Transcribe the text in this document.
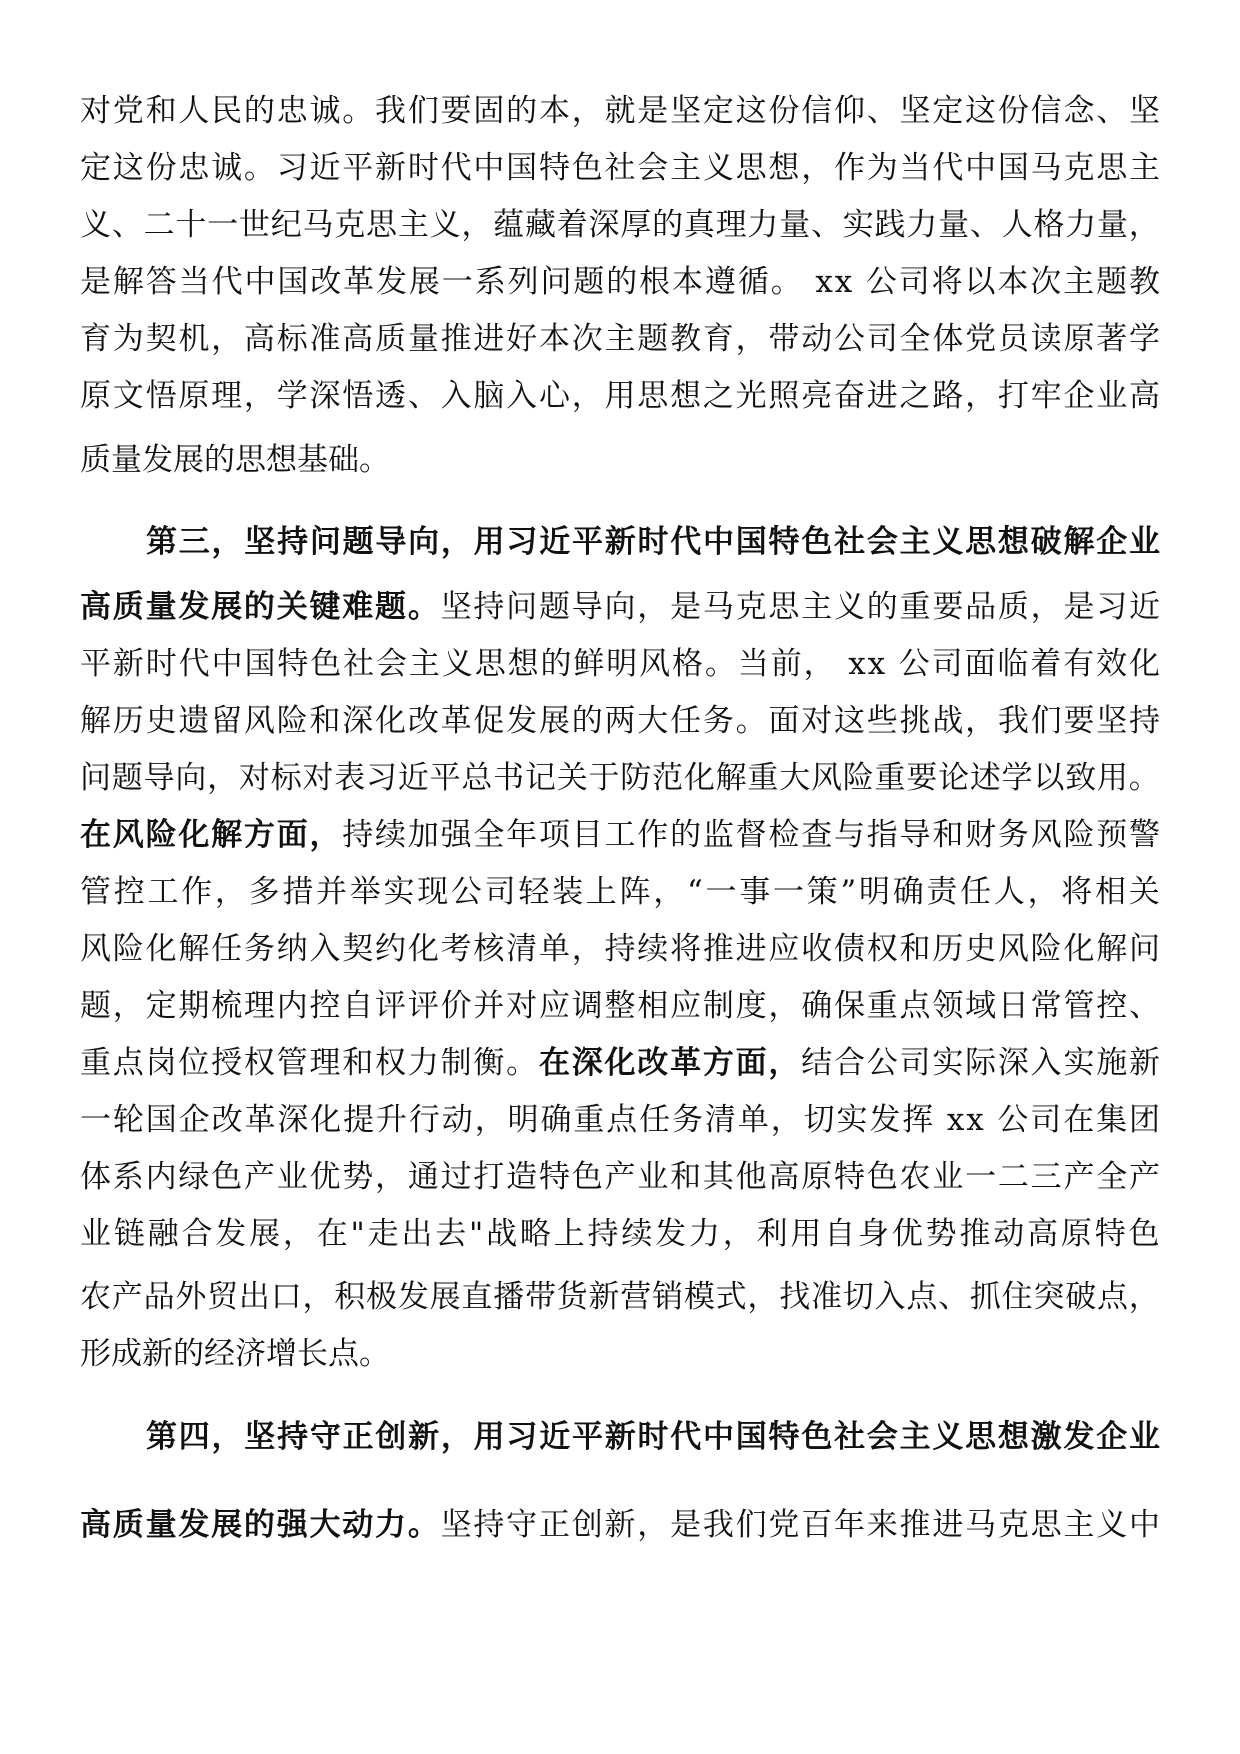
对 党 和 人 民 的 忠 诚 。 我 们 要 固 的 本 ， 就 是 坚 定 这 份 信 仰 、 坚 定 这 份 信 念 、 坚
定 这 份 忠 诚 。 习 近 平 新 时 代 中 国 特 色 社 会 主 义 思 想 ， 作 为 当 代 中 国 马 克 思 主
义 、 二 十 一 世 纪 马 克 思 主 义 ， 蕴 藏 着 深 厚 的 真 理 力 量 、 实 践 力 量 、 人 格 力 量 ，
是 解 答 当 代 中 国 改 革 发 展 一 系 列 问 题 的 根 本 遵 循 。
x x
公 司 将 以 本 次 主 题 教
育 为 契 机 ， 高 标 准 高 质 量 推 进 好 本 次 主 题 教 育 ， 带 动 公 司 全 体 党 员 读 原 著 学
原 文 悟 原 理 ， 学 深 悟 透 、 入 脑 入 心 ， 用 思 想 之 光 照 亮 奋 进 之 路 ， 打 牢 企 业 高
质量发展的思想基础。
第 三 ， 坚 持 问 题 导 向 ， 用 习 近 平 新 时 代 中 国 特 色 社 会 主 义 思 想 破 解 企 业
高 质 量 发 展 的 关 键 难 题 。 坚 持 问 题 导 向 ， 是 马 克 思 主 义 的 重 要 品 质 ， 是 习 近
平 新 时 代 中 国 特 色 社 会 主 义 思 想 的 鲜 明 风 格 。 当 前 ，
x x
公 司 面 临 着 有 效 化
解 历 史 遗 留 风 险 和 深 化 改 革 促 发 展 的 两 大 任 务 。 面 对 这 些 挑 战 ， 我 们 要 坚 持
问 题 导 向 ， 对 标 对 表 习 近 平 总 书 记 关 于 防 范 化 解 重 大 风 险 重 要 论 述 学 以 致 用 。
在 风 险 化 解 方 面 ， 持 续 加 强 全 年 项 目 工 作 的 监 督 检 查 与 指 导 和 财 务 风 险 预 警
管 控 工 作 ， 多 措 并 举 实 现 公 司 轻 装 上 阵 ， “ 一 事 一 策 ” 明 确 责 任 人 ， 将 相 关
风 险 化 解 任 务 纳 入 契 约 化 考 核 清 单 ， 持 续 将 推 进 应 收 债 权 和 历 史 风 险 化 解 问
题 ， 定 期 梳 理 内 控 自 评 评 价 并 对 应 调 整 相 应 制 度 ， 确 保 重 点 领 域 日 常 管 控 、
重 点 岗 位 授 权 管 理 和 权 力 制 衡 。 在 深 化 改 革 方 面 ， 结 合 公 司 实 际 深 入 实 施 新
一 轮 国 企 改 革 深 化 提 升 行 动 ， 明 确 重 点 任 务 清 单 ， 切 实 发 挥
x x
公 司 在 集 团
体 系 内 绿 色 产 业 优 势 ， 通 过 打 造 特 色 产 业 和 其 他 高 原 特 色 农 业 一 二 三 产 全 产
业 链 融 合 发 展 ， 在 " 走 出 去 " 战 略 上 持 续 发 力 ， 利 用 自 身 优 势 推 动 高 原 特 色
农 产 品 外 贸 出 口 ， 积 极 发 展 直 播 带 货 新 营 销 模 式 ， 找 准 切 入 点 、 抓 住 突 破 点 ，
形成新的经济增长点。
第 四 ， 坚 持 守 正 创 新 ， 用 习 近 平 新 时 代 中 国 特 色 社 会 主 义 思 想 激 发 企 业
高 质 量 发 展 的 强 大 动 力 。 坚 持 守 正 创 新 ， 是 我 们 党 百 年 来 推 进 马 克 思 主 义 中
